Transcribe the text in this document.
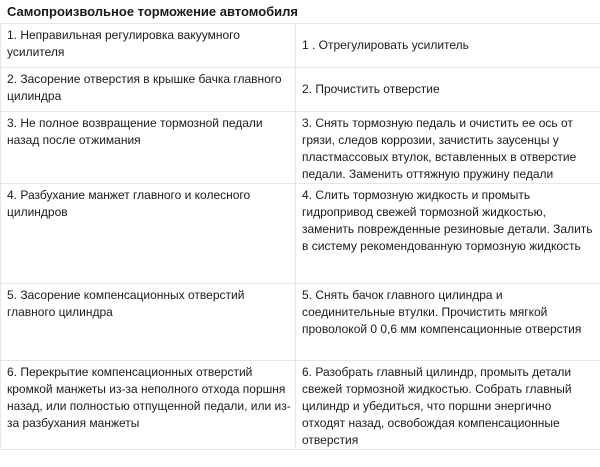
Самопроизвольное торможение автомобиля
1. Неправильная регулировка вакуумного усилителя	1 . Отрегулировать усилитель
2. Засорение отверстия в крышке бачка главного цилиндра	2. Прочистить отверстие
3. Не полное возвращение тормозной педали назад после отжимания	3. Снять тормозную педаль и очистить ее ось от грязи, следов коррозии, зачистить заусенцы у пластмассовых втулок, вставленных в отверстие педали. Заменить оттяжную пружину педали
4. Разбухание манжет главного и колесного цилиндров	4. Слить тормозную жидкость и промыть гидропривод свежей тормозной жидкостью, заменить поврежденные резиновые детали. Залить в систему рекомендованную тормозную жидкость
5. Засорение компенсационных отверстий главного цилиндра	5. Снять бачок главного цилиндра и соединительные втулки. Прочистить мягкой проволокой 0 0,6 мм компенсационные отверстия
6. Перекрытие компенсационных отверстий кромкой манжеты из-за неполного отхода поршня назад, или полностью отпущенной педали, или из-за разбухания манжеты	6. Разобрать главный цилиндр, промыть детали свежей тормозной жидкостью. Собрать главный цилиндр и убедиться, что поршни энергично отходят назад, освобождая компенсационные отверстия
